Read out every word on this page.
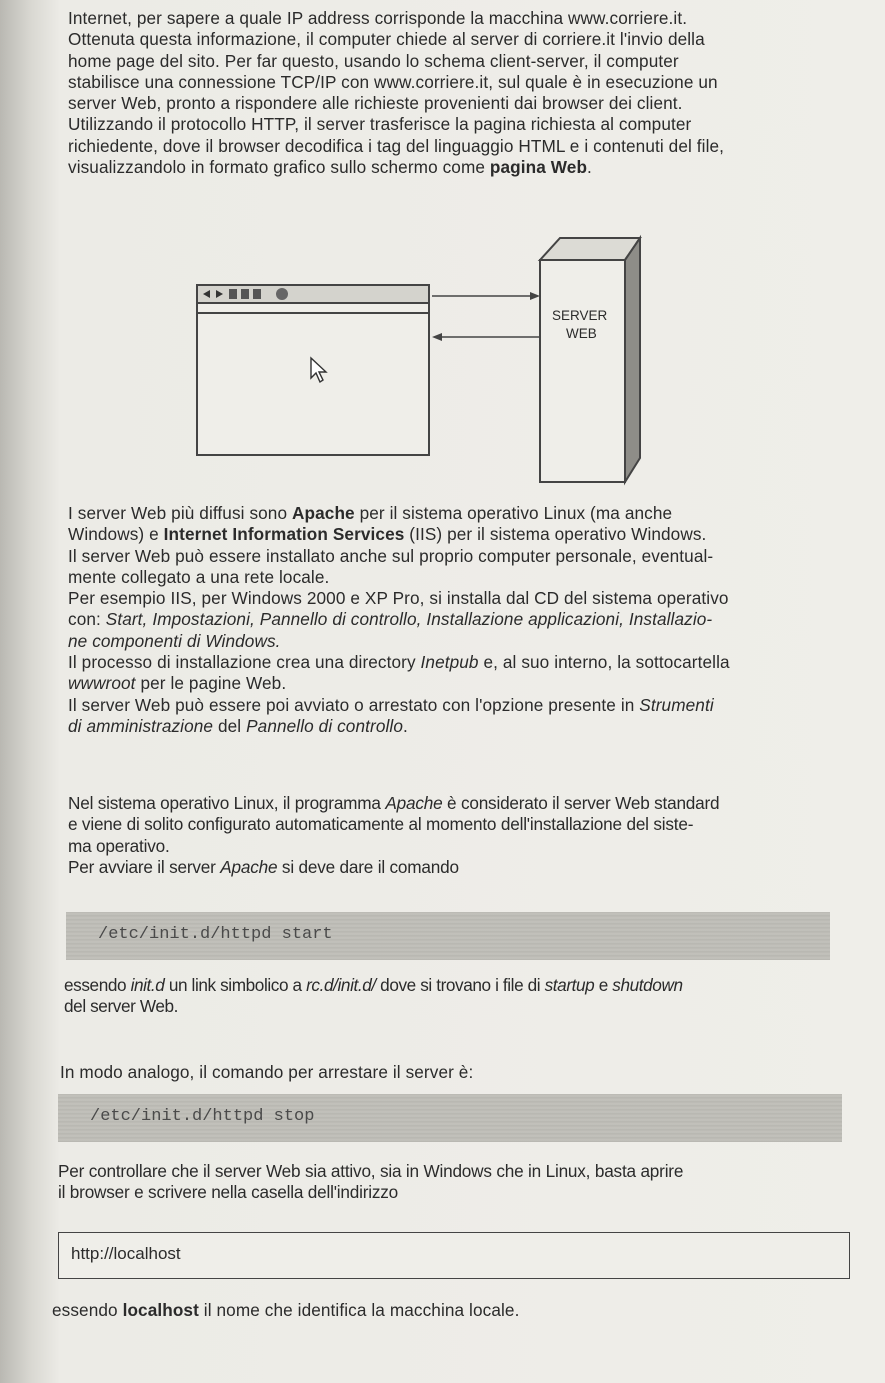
Internet, per sapere a quale IP address corrisponde la macchina www.corriere.it.
Ottenuta questa informazione, il computer chiede al server di corriere.it l'invio della
home page del sito. Per far questo, usando lo schema client-server, il computer
stabilisce una connessione TCP/IP con www.corriere.it, sul quale è in esecuzione un
server Web, pronto a rispondere alle richieste provenienti dai browser dei client.
Utilizzando il protocollo HTTP, il server trasferisce la pagina richiesta al computer
richiedente, dove il browser decodifica i tag del linguaggio HTML e i contenuti del file,
visualizzandolo in formato grafico sullo schermo come pagina Web.

SERVER
WEB

I server Web più diffusi sono Apache per il sistema operativo Linux (ma anche
Windows) e Internet Information Services (IIS) per il sistema operativo Windows.
Il server Web può essere installato anche sul proprio computer personale, eventual-
mente collegato a una rete locale.
Per esempio IIS, per Windows 2000 e XP Pro, si installa dal CD del sistema operativo
con: Start, Impostazioni, Pannello di controllo, Installazione applicazioni, Installazio-
ne componenti di Windows.
Il processo di installazione crea una directory Inetpub e, al suo interno, la sottocartella
wwwroot per le pagine Web.
Il server Web può essere poi avviato o arrestato con l'opzione presente in Strumenti
di amministrazione del Pannello di controllo.

Nel sistema operativo Linux, il programma Apache è considerato il server Web standard
e viene di solito configurato automaticamente al momento dell'installazione del siste-
ma operativo.
Per avviare il server Apache si deve dare il comando

/etc/init.d/httpd start

essendo init.d un link simbolico a rc.d/init.d/ dove si trovano i file di startup e shutdown
del server Web.

In modo analogo, il comando per arrestare il server è:

/etc/init.d/httpd stop

Per controllare che il server Web sia attivo, sia in Windows che in Linux, basta aprire
il browser e scrivere nella casella dell'indirizzo

http://localhost

essendo localhost il nome che identifica la macchina locale.
